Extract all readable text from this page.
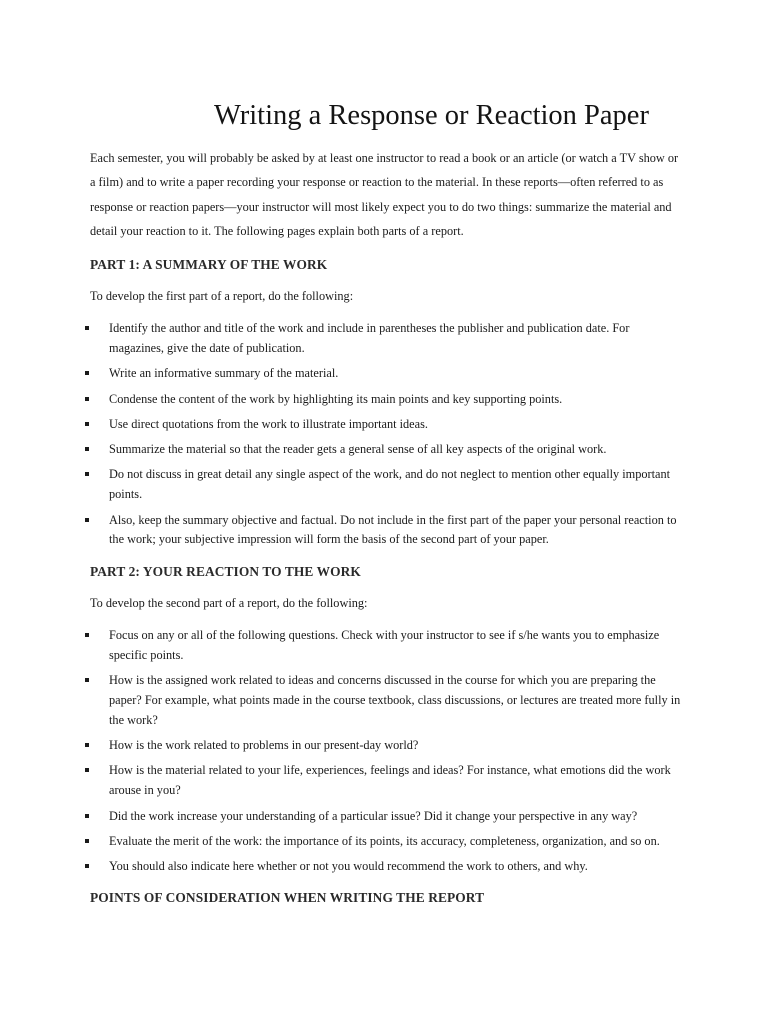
Writing a Response or Reaction Paper

Each semester, you will probably be asked by at least one instructor to read a book or an article (or watch a TV show or a film) and to write a paper recording your response or reaction to the material. In these reports—often referred to as response or reaction papers—your instructor will most likely expect you to do two things: summarize the material and detail your reaction to it. The following pages explain both parts of a report.

PART 1: A SUMMARY OF THE WORK

To develop the first part of a report, do the following:

Identify the author and title of the work and include in parentheses the publisher and publication date. For magazines, give the date of publication.
Write an informative summary of the material.
Condense the content of the work by highlighting its main points and key supporting points.
Use direct quotations from the work to illustrate important ideas.
Summarize the material so that the reader gets a general sense of all key aspects of the original work.
Do not discuss in great detail any single aspect of the work, and do not neglect to mention other equally important points.
Also, keep the summary objective and factual. Do not include in the first part of the paper your personal reaction to the work; your subjective impression will form the basis of the second part of your paper.
PART 2: YOUR REACTION TO THE WORK

To develop the second part of a report, do the following:

Focus on any or all of the following questions. Check with your instructor to see if s/he wants you to emphasize specific points.
How is the assigned work related to ideas and concerns discussed in the course for which you are preparing the paper? For example, what points made in the course textbook, class discussions, or lectures are treated more fully in the work?
How is the work related to problems in our present-day world?
How is the material related to your life, experiences, feelings and ideas? For instance, what emotions did the work arouse in you?
Did the work increase your understanding of a particular issue? Did it change your perspective in any way?
Evaluate the merit of the work: the importance of its points, its accuracy, completeness, organization, and so on.
You should also indicate here whether or not you would recommend the work to others, and why.
POINTS OF CONSIDERATION WHEN WRITING THE REPORT
